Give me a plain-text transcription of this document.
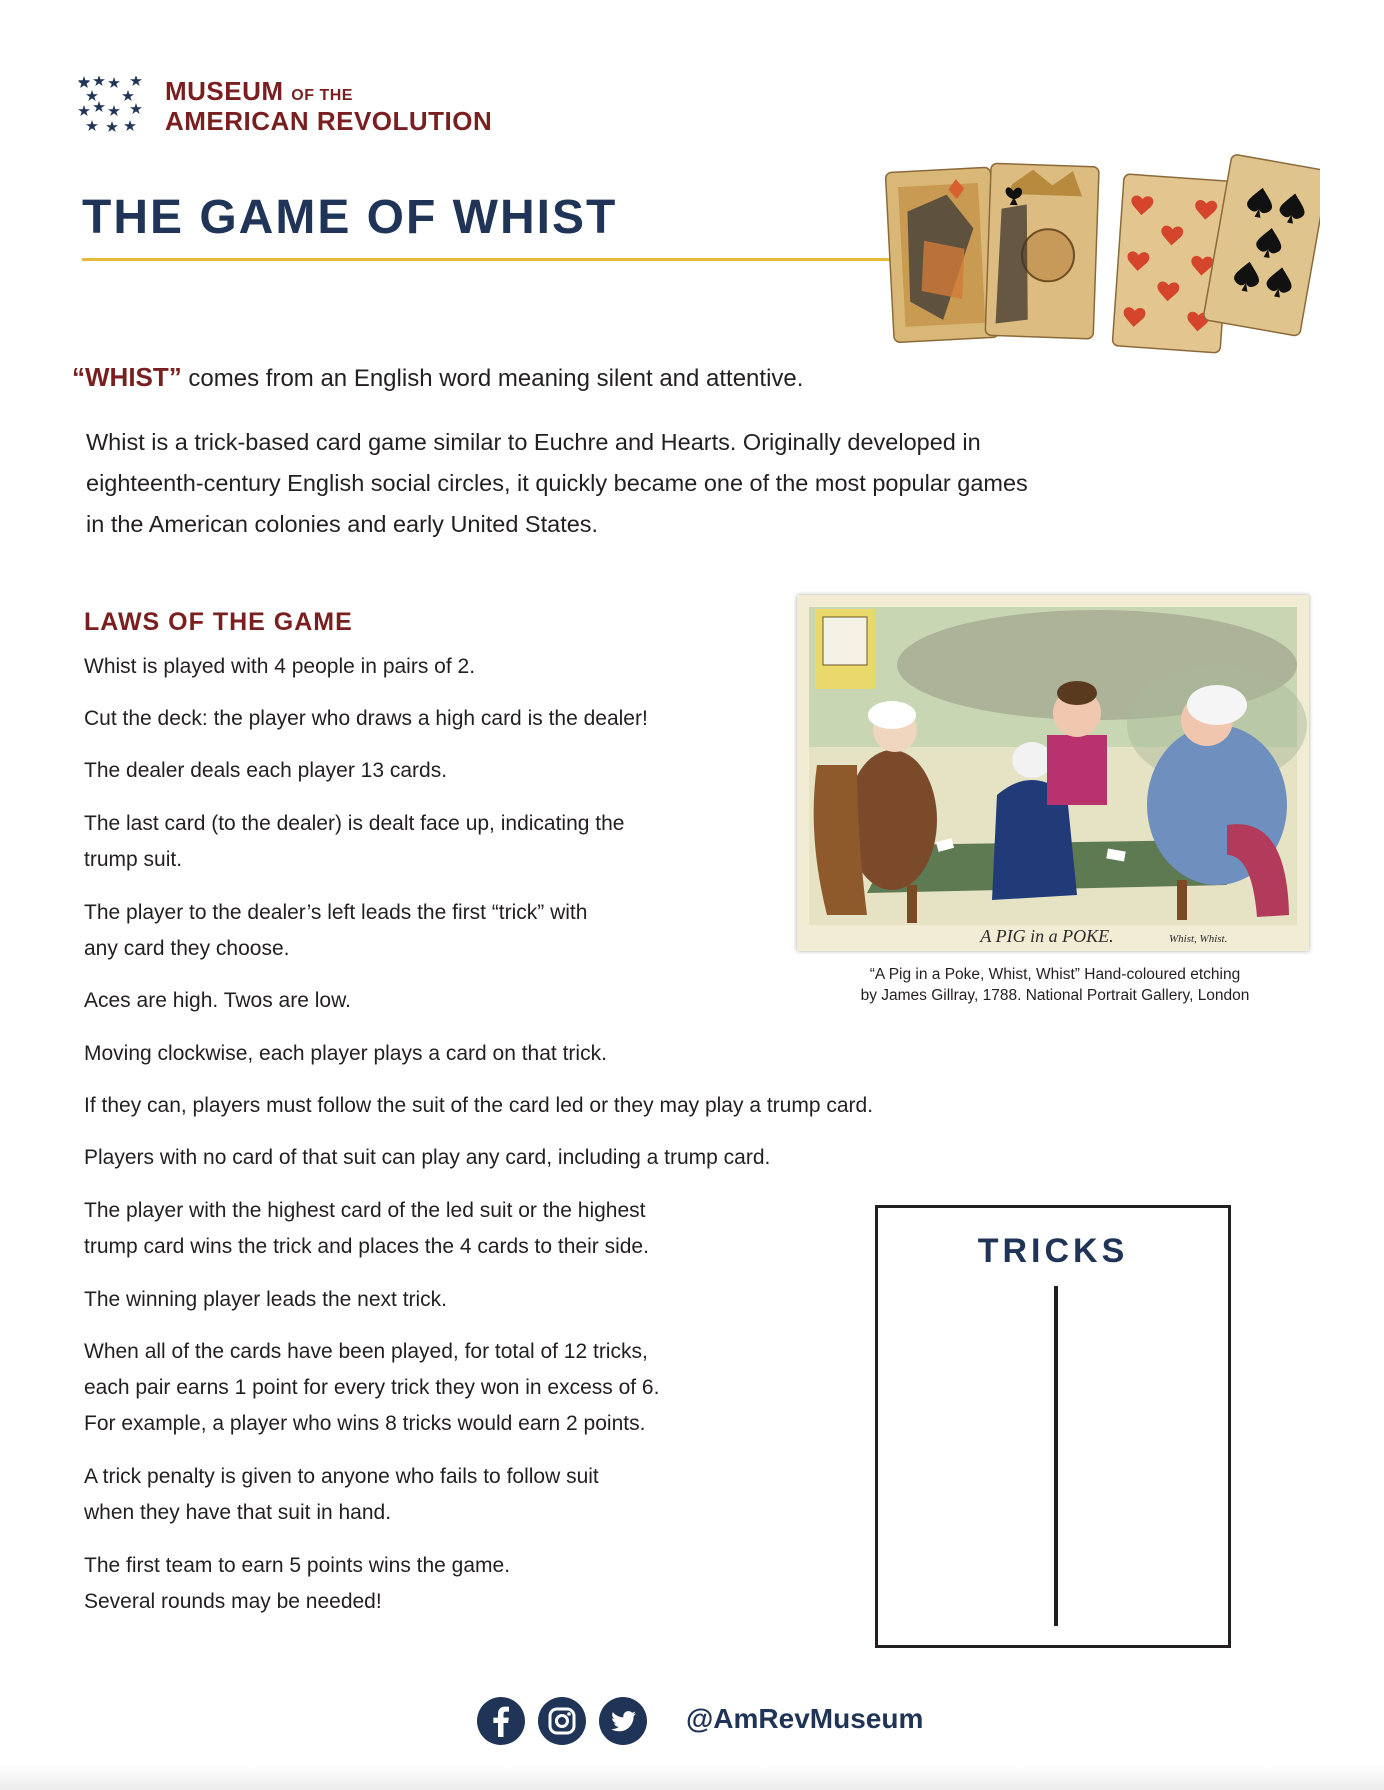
MUSEUM OF THE
AMERICAN REVOLUTION
THE GAME OF WHIST
“WHIST” comes from an English word meaning silent and attentive.
Whist is a trick-based card game similar to Euchre and Hearts. Originally developed in
eighteenth-century English social circles, it quickly became one of the most popular games
in the American colonies and early United States.
LAWS OF THE GAME
Whist is played with 4 people in pairs of 2.
Cut the deck: the player who draws a high card is the dealer!
The dealer deals each player 13 cards.
The last card (to the dealer) is dealt face up, indicating the
trump suit.
The player to the dealer’s left leads the first “trick” with
any card they choose.
Aces are high. Twos are low.
Moving clockwise, each player plays a card on that trick.
If they can, players must follow the suit of the card led or they may play a trump card.
Players with no card of that suit can play any card, including a trump card.
The player with the highest card of the led suit or the highest
trump card wins the trick and places the 4 cards to their side.
The winning player leads the next trick.
When all of the cards have been played, for total of 12 tricks,
each pair earns 1 point for every trick they won in excess of 6.
For example, a player who wins 8 tricks would earn 2 points.
A trick penalty is given to anyone who fails to follow suit
when they have that suit in hand.
The first team to earn 5 points wins the game.
Several rounds may be needed!
A PIG in a POKE.	Whist, Whist.
“A Pig in a Poke, Whist, Whist” Hand-coloured etching
by James Gillray, 1788. National Portrait Gallery, London
TRICKS
@AmRevMuseum
